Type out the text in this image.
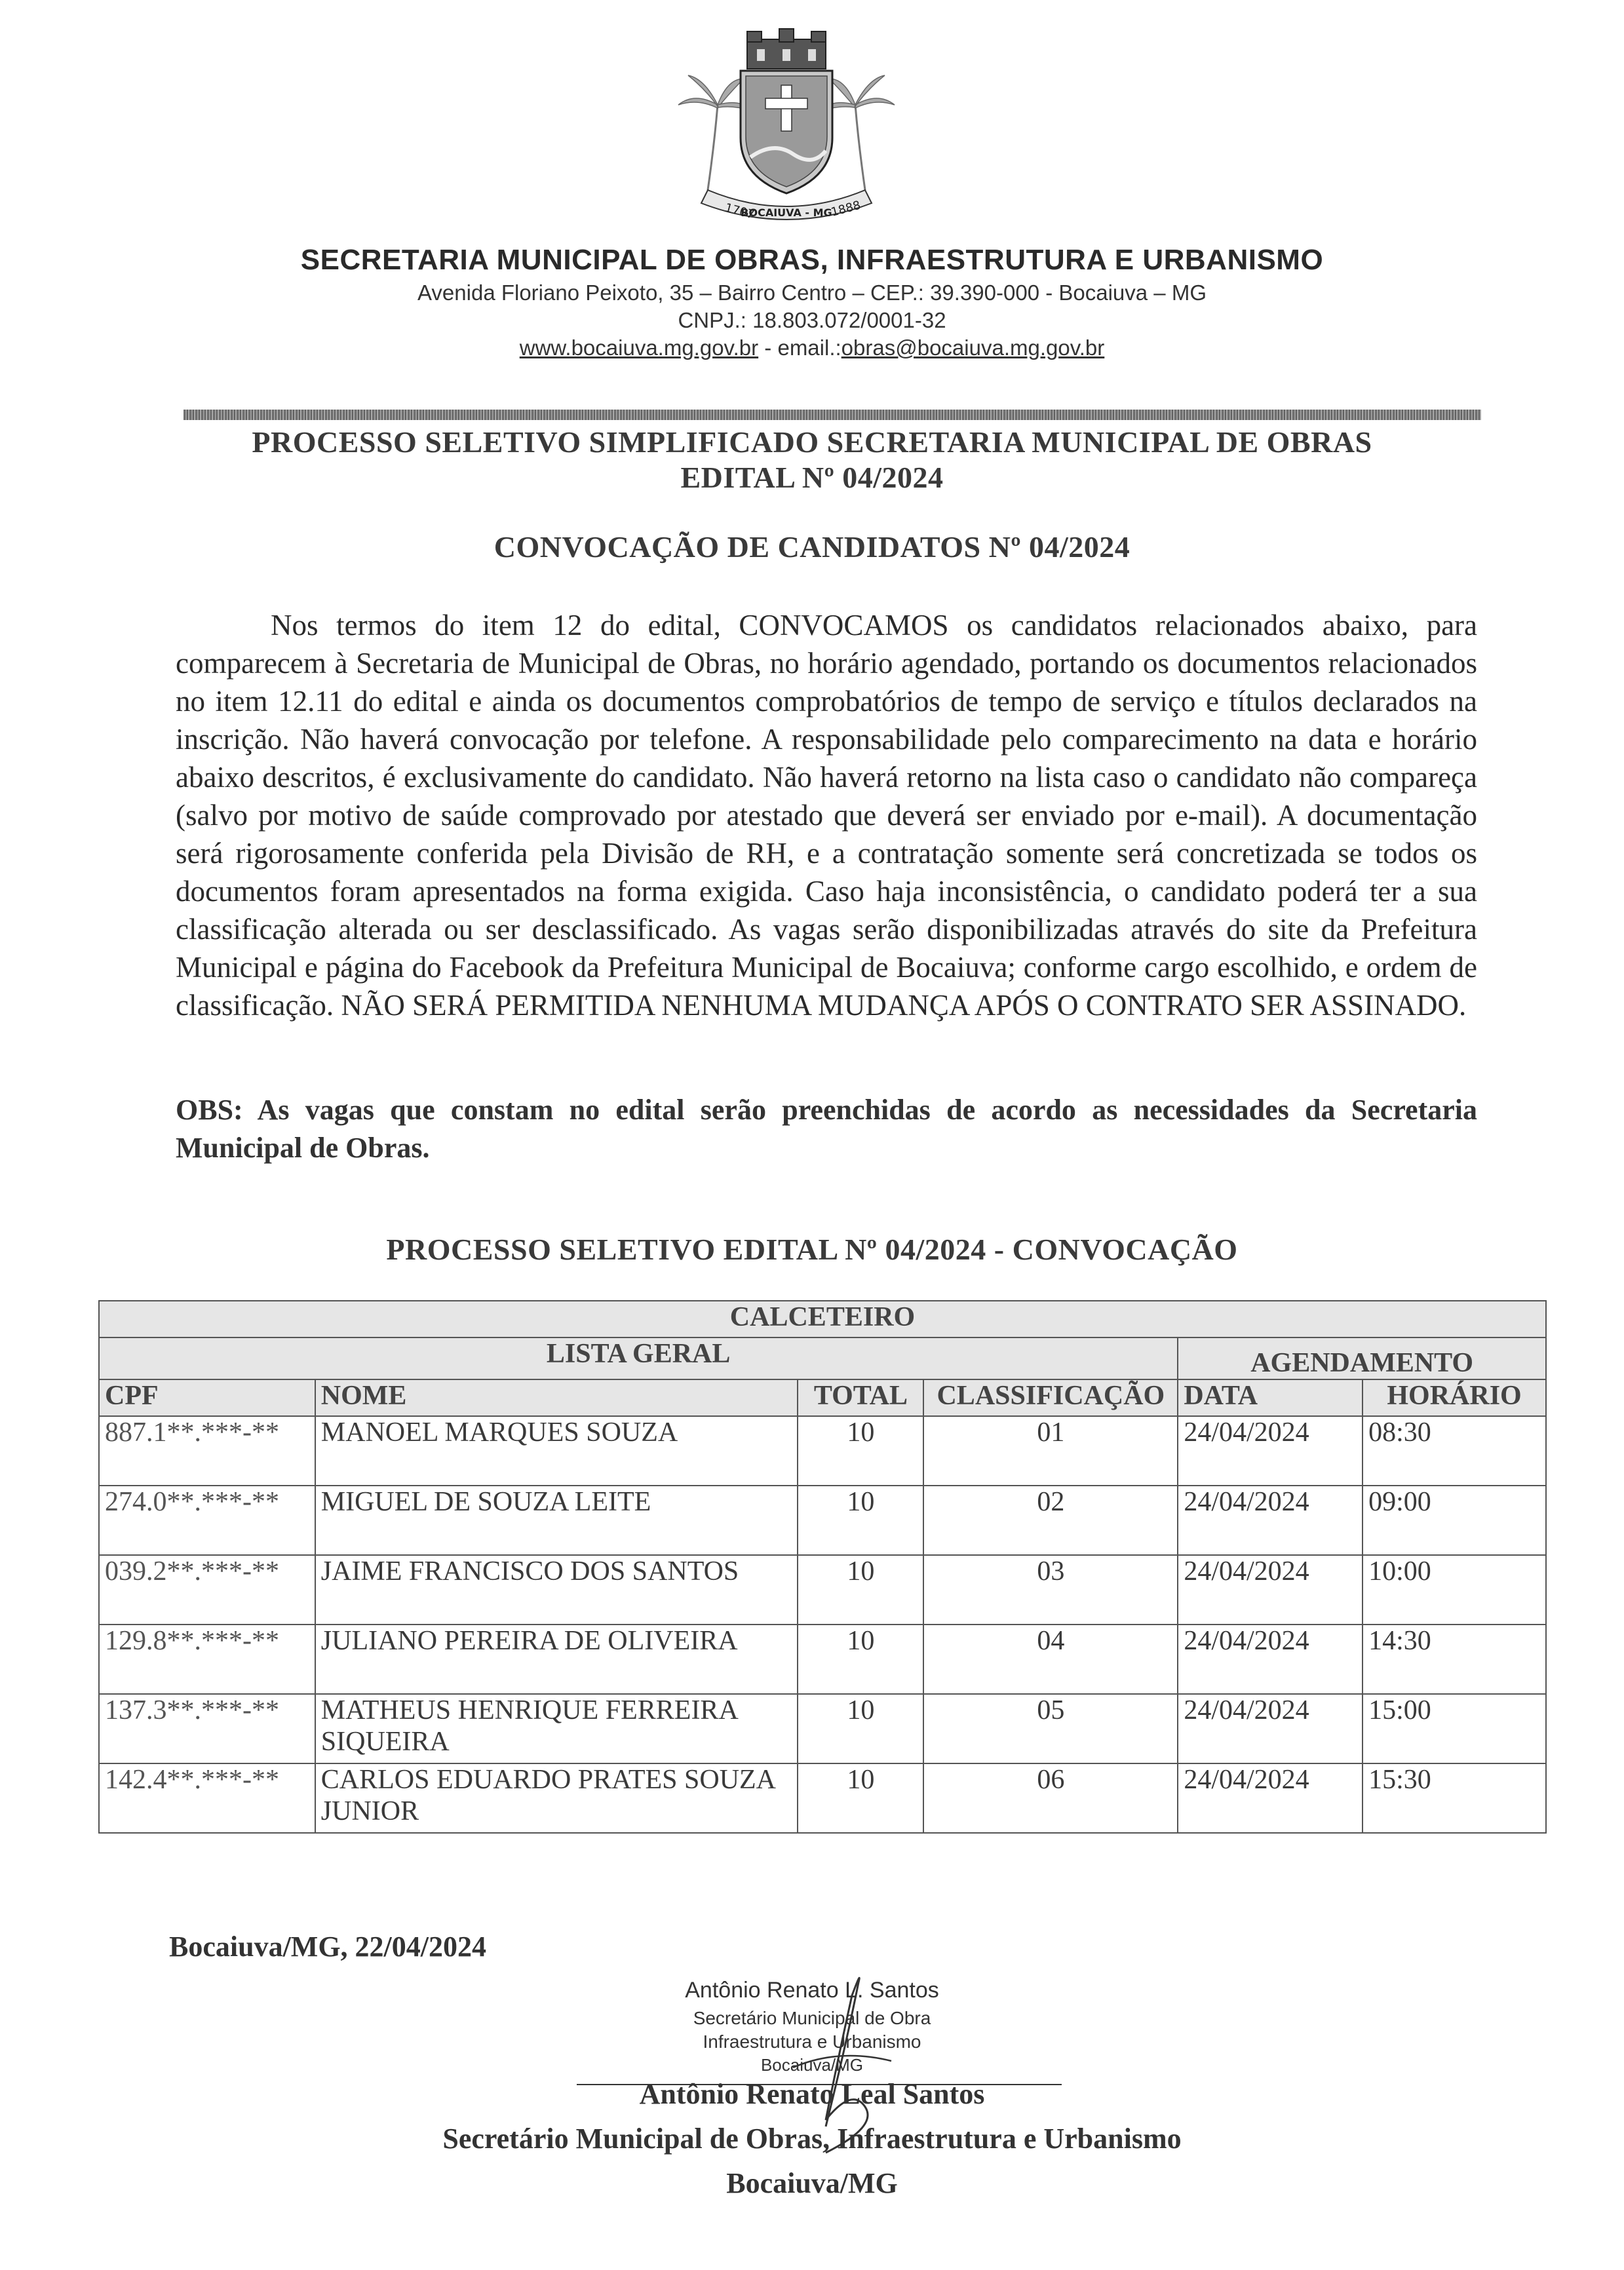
1707
BOCAIUVA - MG
1888
SECRETARIA MUNICIPAL DE OBRAS, INFRAESTRUTURA E URBANISMO
Avenida Floriano Peixoto, 35 – Bairro Centro – CEP.: 39.390-000 - Bocaiuva – MG
CNPJ.: 18.803.072/0001-32
www.bocaiuva.mg.gov.br - email.:obras@bocaiuva.mg.gov.br
PROCESSO SELETIVO SIMPLIFICADO SECRETARIA MUNICIPAL DE OBRAS
EDITAL Nº 04/2024
CONVOCAÇÃO DE CANDIDATOS Nº 04/2024
Nos termos do item 12 do edital, CONVOCAMOS os candidatos relacionados abaixo, para comparecem à Secretaria de Municipal de Obras, no horário agendado, portando os documentos relacionados no item 12.11 do edital e ainda os documentos comprobatórios de tempo de serviço e títulos declarados na inscrição. Não haverá convocação por telefone. A responsabilidade pelo comparecimento na data e horário abaixo descritos, é exclusivamente do candidato. Não haverá retorno na lista caso o candidato não compareça (salvo por motivo de saúde comprovado por atestado que deverá ser enviado por e-mail). A documentação será rigorosamente conferida pela Divisão de RH, e a contratação somente será concretizada se todos os documentos foram apresentados na forma exigida. Caso haja inconsistência, o candidato poderá ter a sua classificação alterada ou ser desclassificado. As vagas serão disponibilizadas através do site da Prefeitura Municipal e página do Facebook da Prefeitura Municipal de Bocaiuva; conforme cargo escolhido, e ordem de classificação. NÃO SERÁ PERMITIDA NENHUMA MUDANÇA APÓS O CONTRATO SER ASSINADO.
OBS: As vagas que constam no edital serão preenchidas de acordo as necessidades da Secretaria Municipal de Obras.
PROCESSO SELETIVO EDITAL Nº 04/2024 - CONVOCAÇÃO
CALCETEIRO					
LISTA GERAL				AGENDAMENTO	
CPF	NOME	TOTAL	CLASSIFICAÇÃO	DATA	HORÁRIO
887.1**.***-**	MANOEL MARQUES SOUZA	10	01	24/04/2024	08:30
274.0**.***-**	MIGUEL DE SOUZA LEITE	10	02	24/04/2024	09:00
039.2**.***-**	JAIME FRANCISCO DOS SANTOS	10	03	24/04/2024	10:00
129.8**.***-**	JULIANO PEREIRA DE OLIVEIRA	10	04	24/04/2024	14:30
137.3**.***-**	MATHEUS HENRIQUE FERREIRA SIQUEIRA	10	05	24/04/2024	15:00
142.4**.***-**	CARLOS EDUARDO PRATES SOUZA JUNIOR	10	06	24/04/2024	15:30
Bocaiuva/MG, 22/04/2024
Antônio Renato L. Santos
Secretário Municipal de Obra
Infraestrutura e Urbanismo
Bocaiuva/MG
Antônio Renato Leal Santos
Secretário Municipal de Obras, Infraestrutura e Urbanismo
Bocaiuva/MG
